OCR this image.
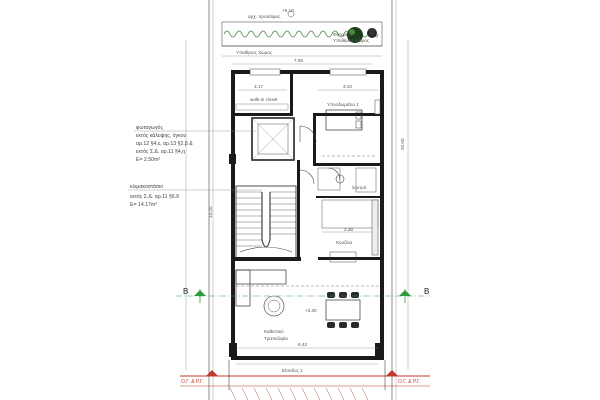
αρχ. προσόψεις
+5.10
Φυτεμένο
Υπαίθριος Χώρος
Υπαίθριος Χώρος
7.06
3.17	3.43
walk-in closet
Υπνοδωμάτιο 1
λουτρό
2.38
Κουζίνα
+3.30
Καθιστικό
Τραπεζαρία
6.43
φωταγωγός
εκτός κάλυψης, όγκου
αρ.12 §4,ε, αρ.13 §2.β &
εκτός Σ.Δ. αρ.11 §4,η
E= 2.50m²
κλιμακοστάσιο
εκτός Σ.Δ. αρ.11 §6.6
E= 14.17m²
14.20
20.00
B	B
Ο.Γ. & Ρ.Γ.	Ο.Γ. & Ρ.Γ.
Είσοδος 1
